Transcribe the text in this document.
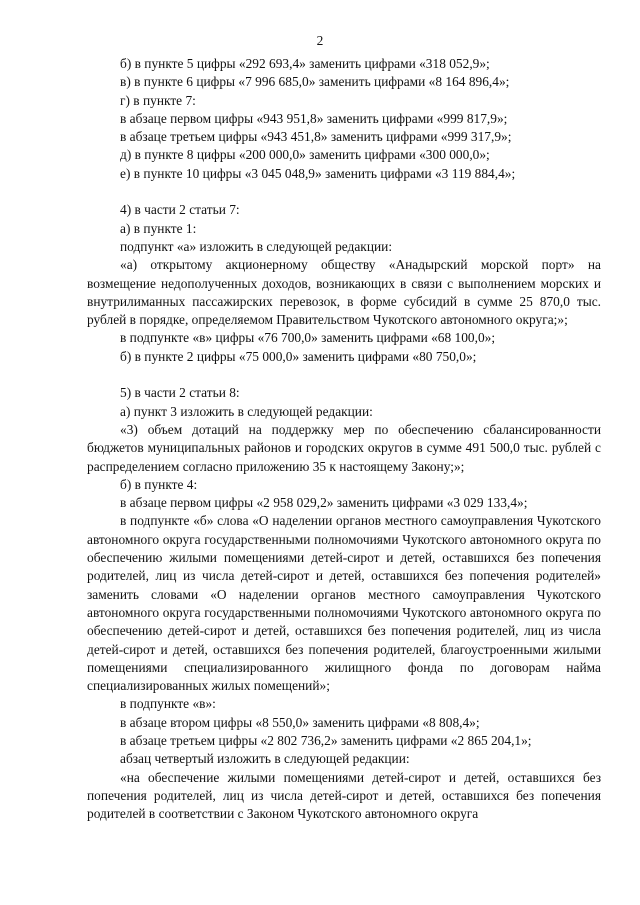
2

б) в пункте 5 цифры «292 693,4» заменить цифрами «318 052,9»;

в) в пункте 6 цифры «7 996 685,0» заменить цифрами «8 164 896,4»;

г) в пункте 7:

в абзаце первом цифры «943 951,8» заменить цифрами «999 817,9»;

в абзаце третьем цифры «943 451,8» заменить цифрами «999 317,9»;

д) в пункте 8 цифры «200 000,0» заменить цифрами «300 000,0»;

е) в пункте 10 цифры «3 045 048,9» заменить цифрами «3 119 884,4»;

4) в части 2 статьи 7:

а) в пункте 1:

подпункт «а» изложить в следующей редакции:

«а) открытому акционерному обществу «Анадырский морской порт» на возмещение недополученных доходов, возникающих в связи с выполнением морских и внутрилиманных пассажирских перевозок, в форме субсидий в сумме 25 870,0 тыс. рублей в порядке, определяемом Правительством Чукотского автономного округа;»;

в подпункте «в» цифры «76 700,0» заменить цифрами «68 100,0»;

б) в пункте 2 цифры «75 000,0» заменить цифрами «80 750,0»;

5) в части 2 статьи 8:

а) пункт 3 изложить в следующей редакции:

«3) объем дотаций на поддержку мер по обеспечению сбалансированности бюджетов муниципальных районов и городских округов в сумме 491 500,0 тыс. рублей с распределением согласно приложению 35 к настоящему Закону;»;

б) в пункте 4:

в абзаце первом цифры «2 958 029,2» заменить цифрами «3 029 133,4»;

в подпункте «б» слова «О наделении органов местного самоуправления Чукотского автономного округа государственными полномочиями Чукотского автономного округа по обеспечению жилыми помещениями детей-сирот и детей, оставшихся без попечения родителей, лиц из числа детей-сирот и детей, оставшихся без попечения родителей» заменить словами «О наделении органов местного самоуправления Чукотского автономного округа государственными полномочиями Чукотского автономного округа по обеспечению детей-сирот и детей, оставшихся без попечения родителей, лиц из числа детей-сирот и детей, оставшихся без попечения родителей, благоустроенными жилыми помещениями специализированного жилищного фонда по договорам найма специализированных жилых помещений»;

в подпункте «в»:

в абзаце втором цифры «8 550,0» заменить цифрами «8 808,4»;

в абзаце третьем цифры «2 802 736,2» заменить цифрами «2 865 204,1»;

абзац четвертый изложить в следующей редакции:

«на обеспечение жилыми помещениями детей-сирот и детей, оставшихся без попечения родителей, лиц из числа детей-сирот и детей, оставшихся без попечения родителей в соответствии с Законом Чукотского автономного округа
